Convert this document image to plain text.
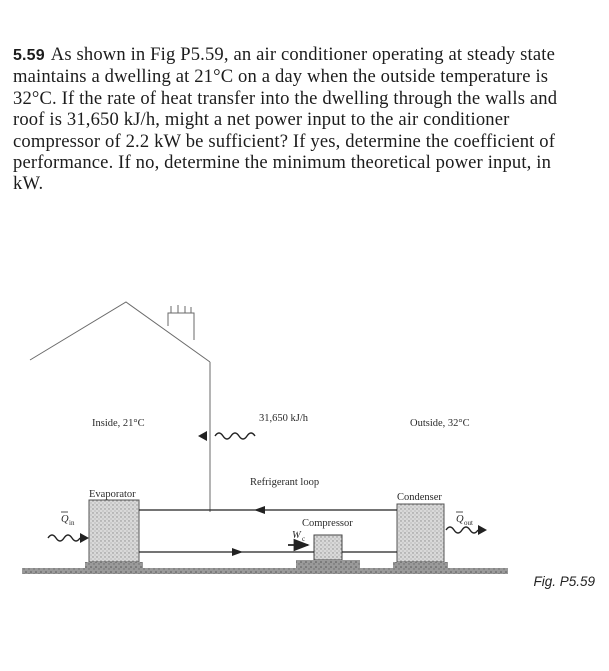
5.59 As shown in Fig P5.59, an air conditioner operating at steady state maintains a dwelling at 21°C on a day when the outside temperature is 32°C. If the rate of heat transfer into the dwelling through the walls and roof is 31,650 kJ/h, might a net power input to the air conditioner compressor of 2.2 kW be sufficient? If yes, determine the coefficient of performance. If no, determine the minimum theoretical power input, in kW.

Inside, 21°C	Outside, 32°C
31,650 kJ/h
Refrigerant loop
Evaporator	Condenser
Compressor
Q in	Q out
W c
Fig. P5.59
